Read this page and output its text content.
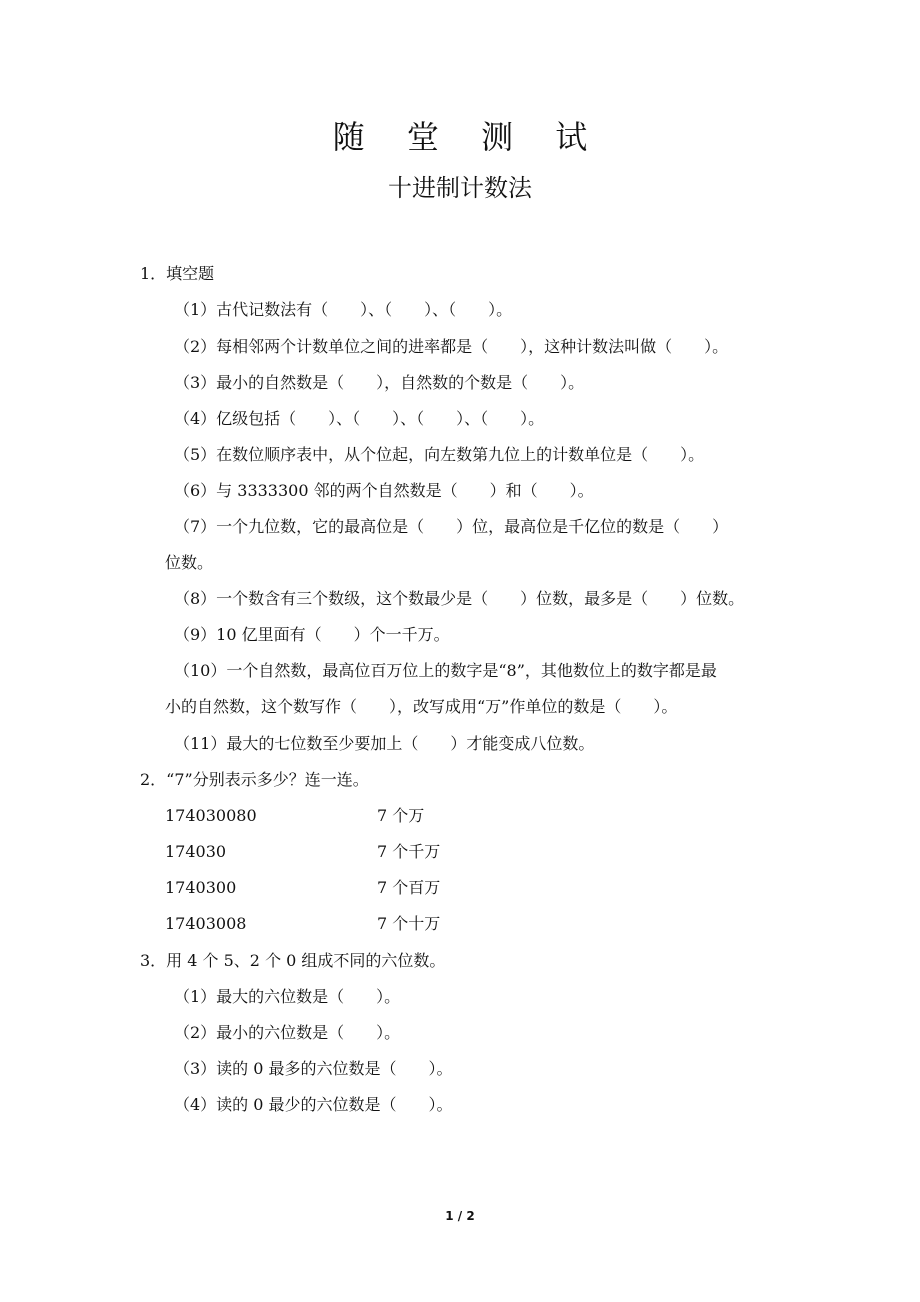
随 堂 测 试
十进制计数法
1．填空题
（1）古代记数法有（　　）、（　　）、（　　）。
（2）每相邻两个计数单位之间的进率都是（　　），这种计数法叫做（　　）。
（3）最小的自然数是（　　），自然数的个数是（　　）。
（4）亿级包括（　　）、（　　）、（　　）、（　　）。
（5）在数位顺序表中，从个位起，向左数第九位上的计数单位是（　　）。
（6）与 3333300 邻的两个自然数是（　　）和（　　）。
（7）一个九位数，它的最高位是（　　）位，最高位是千亿位的数是（　　）
位数。
（8）一个数含有三个数级，这个数最少是（　　）位数，最多是（　　）位数。
（9）10 亿里面有（　　）个一千万。
（10）一个自然数，最高位百万位上的数字是“8”，其他数位上的数字都是最
小的自然数，这个数写作（　　），改写成用“万”作单位的数是（　　）。
（11）最大的七位数至少要加上（　　）才能变成八位数。
2．“7”分别表示多少？连一连。
174030080	7 个万
174030	7 个千万
1740300	7 个百万
17403008	7 个十万
3．用 4 个 5、2 个 0 组成不同的六位数。
（1）最大的六位数是（　　）。
（2）最小的六位数是（　　）。
（3）读的 0 最多的六位数是（　　）。
（4）读的 0 最少的六位数是（　　）。
1 / 2
